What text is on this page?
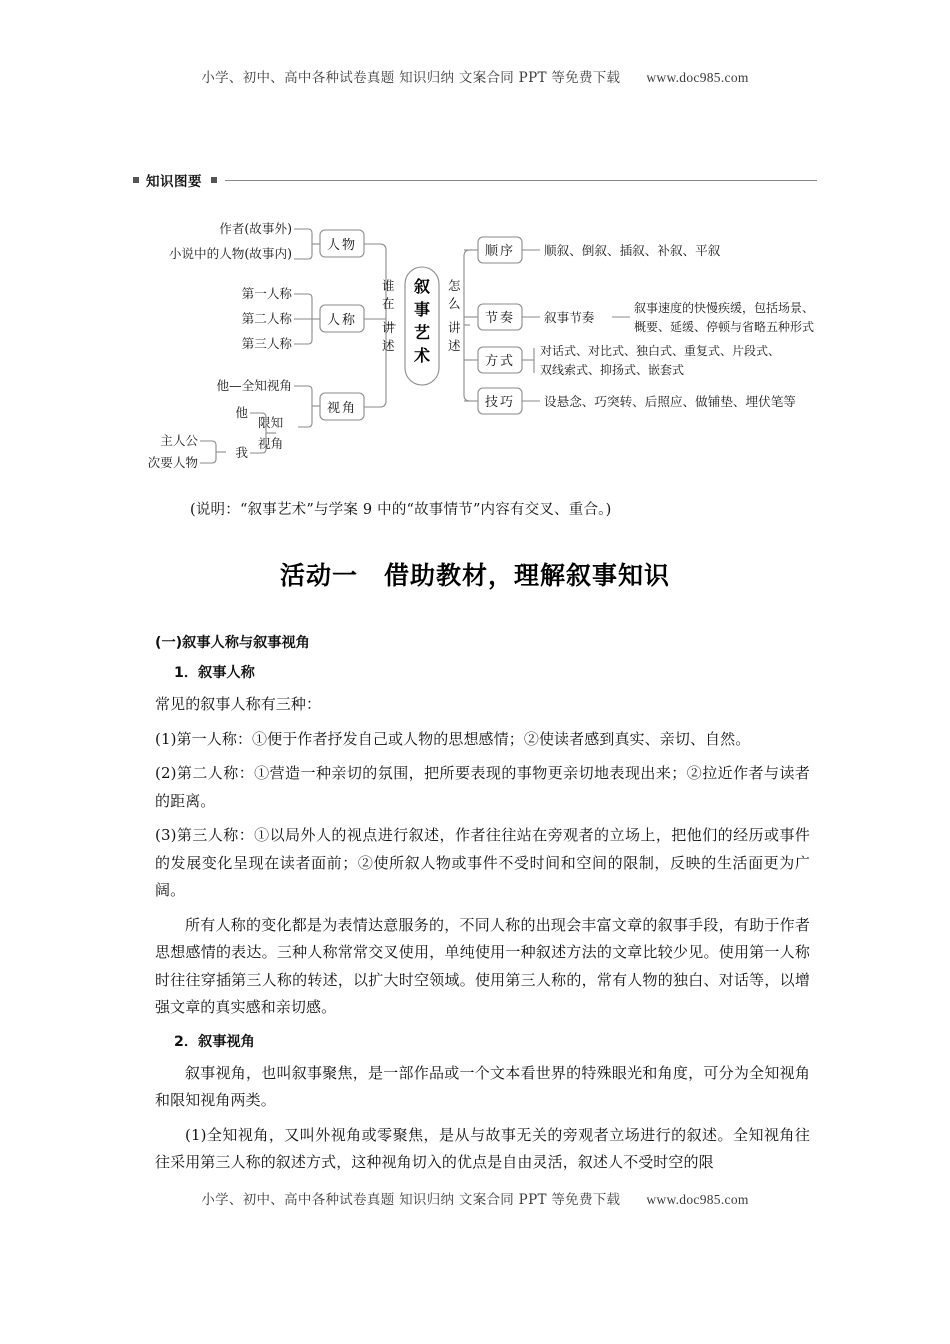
小学、初中、高中各种试卷真题 知识归纳 文案合同 PPT 等免费下载 www.doc985.com
知识图要
作者(故事外)
小说中的人物(故事内)
人物
第一人称
第二人称
第三人称
人称
他—全知视角
限知
视角
视角
他
我
主人公
次要人物
谁
在
讲
述
叙
事
艺
术
怎
么
讲
述
顺序 顺叙、倒叙、插叙、补叙、平叙
节奏 叙事节奏
叙事速度的快慢疾缓，包括场景、
概要、延缓、停顿与省略五种形式
方式
对话式、对比式、独白式、重复式、片段式、
双线索式、抑扬式、嵌套式
技巧 设悬念、巧突转、后照应、做铺垫、埋伏笔等
(说明：“叙事艺术”与学案 9 中的“故事情节”内容有交叉、重合。)
活动一 借助教材，理解叙事知识
(一)叙事人称与叙事视角
1．叙事人称

常见的叙事人称有三种：

(1)第一人称：①便于作者抒发自己或人物的思想感情；②使读者感到真实、亲切、自然。

(2)第二人称：①营造一种亲切的氛围，把所要表现的事物更亲切地表现出来；②拉近作者与读者的距离。

(3)第三人称：①以局外人的视点进行叙述，作者往往站在旁观者的立场上，把他们的经历或事件的发展变化呈现在读者面前；②使所叙人物或事件不受时间和空间的限制，反映的生活面更为广阔。

所有人称的变化都是为表情达意服务的，不同人称的出现会丰富文章的叙事手段，有助于作者思想感情的表达。三种人称常常交叉使用，单纯使用一种叙述方法的文章比较少见。使用第一人称时往往穿插第三人称的转述，以扩大时空领域。使用第三人称的，常有人物的独白、对话等，以增强文章的真实感和亲切感。

2．叙事视角

叙事视角，也叫叙事聚焦，是一部作品或一个文本看世界的特殊眼光和角度，可分为全知视角和限知视角两类。

(1)全知视角，又叫外视角或零聚焦，是从与故事无关的旁观者立场进行的叙述。全知视角往往采用第三人称的叙述方式，这种视角切入的优点是自由灵活，叙述人不受时空的限

小学、初中、高中各种试卷真题 知识归纳 文案合同 PPT 等免费下载 www.doc985.com
